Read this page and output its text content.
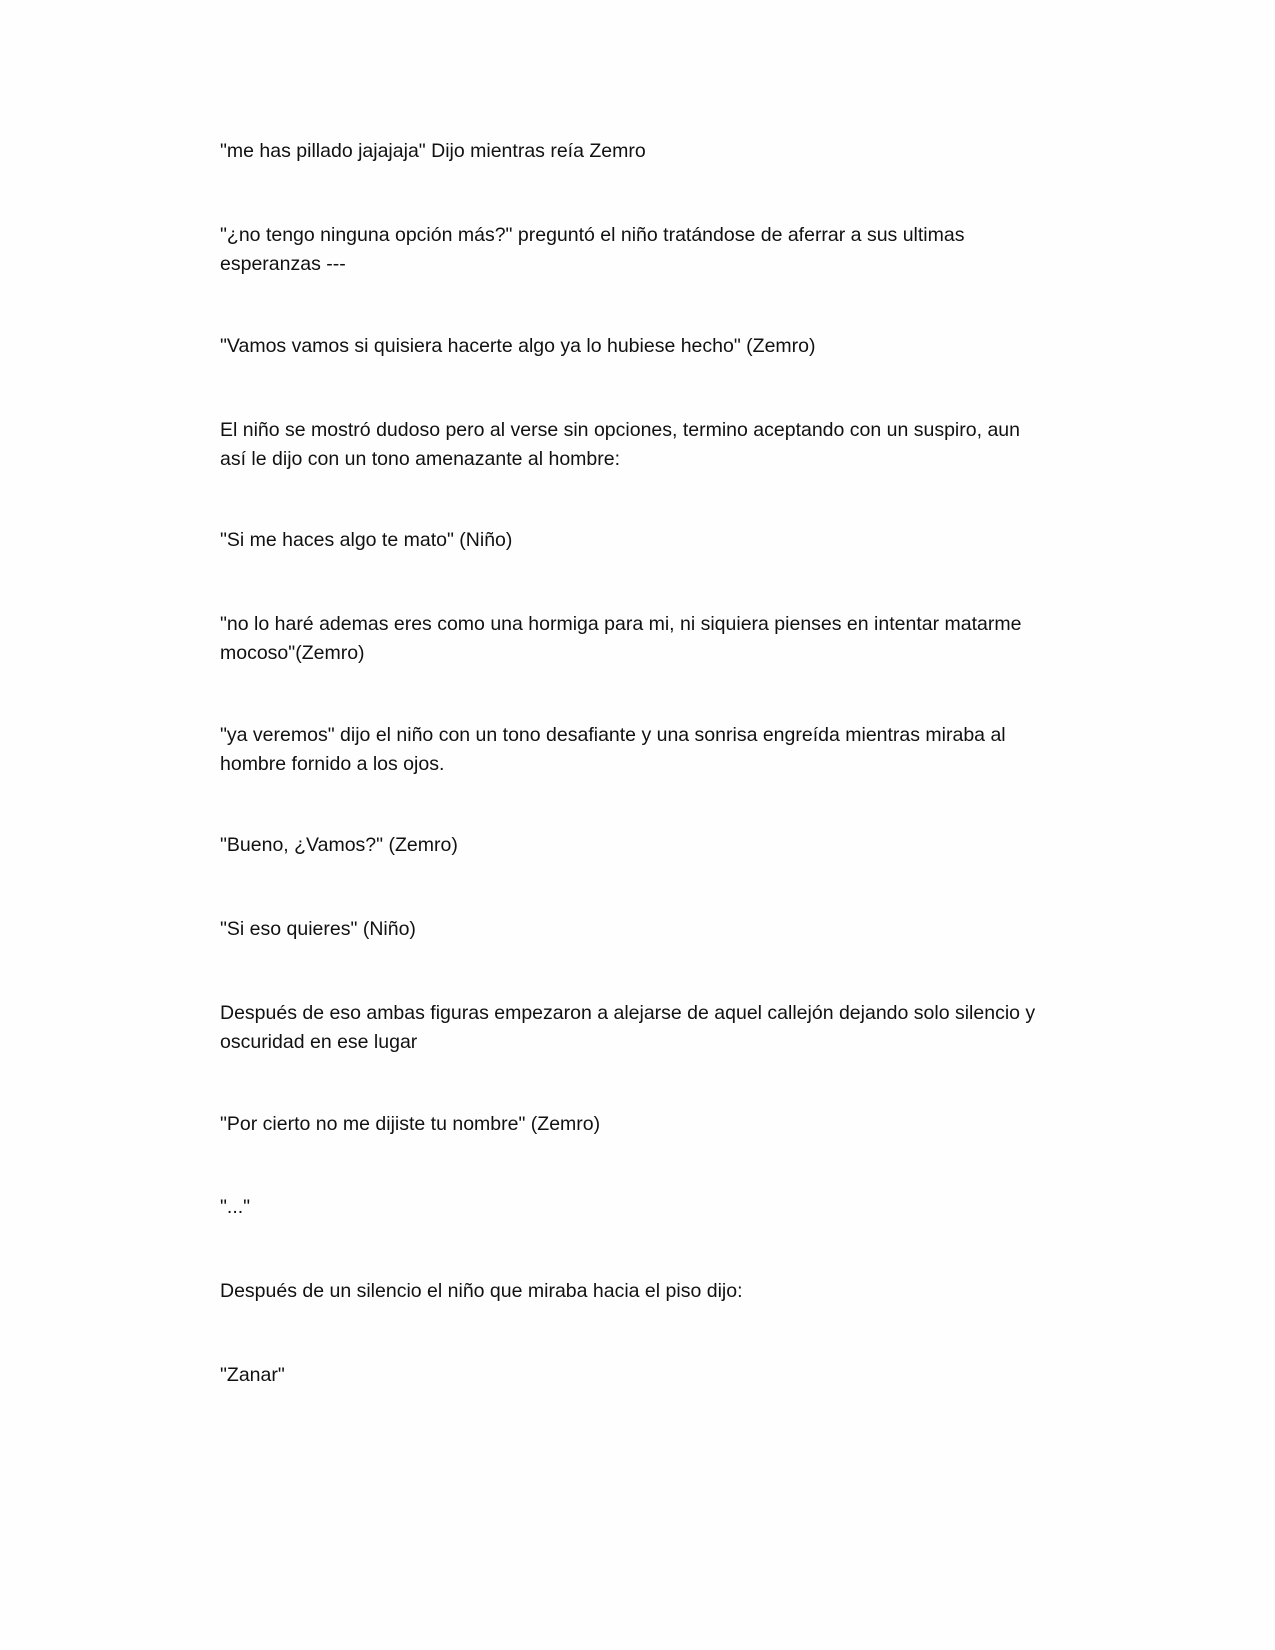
"me has pillado jajajaja" Dijo mientras reía Zemro

"¿no tengo ninguna opción más?" preguntó el niño tratándose de aferrar a sus ultimas
esperanzas ---

"Vamos vamos si quisiera hacerte algo ya lo hubiese hecho" (Zemro)

El niño se mostró dudoso pero al verse sin opciones, termino aceptando con un suspiro, aun
así le dijo con un tono amenazante al hombre:

"Si me haces algo te mato" (Niño)

"no lo haré ademas eres como una hormiga para mi, ni siquiera pienses en intentar matarme
mocoso"(Zemro)

"ya veremos" dijo el niño con un tono desafiante y una sonrisa engreída mientras miraba al
hombre fornido a los ojos.

"Bueno, ¿Vamos?" (Zemro)

"Si eso quieres" (Niño)

Después de eso ambas figuras empezaron a alejarse de aquel callejón dejando solo silencio y
oscuridad en ese lugar

"Por cierto no me dijiste tu nombre" (Zemro)

"..."

Después de un silencio el niño que miraba hacia el piso dijo:

"Zanar"
